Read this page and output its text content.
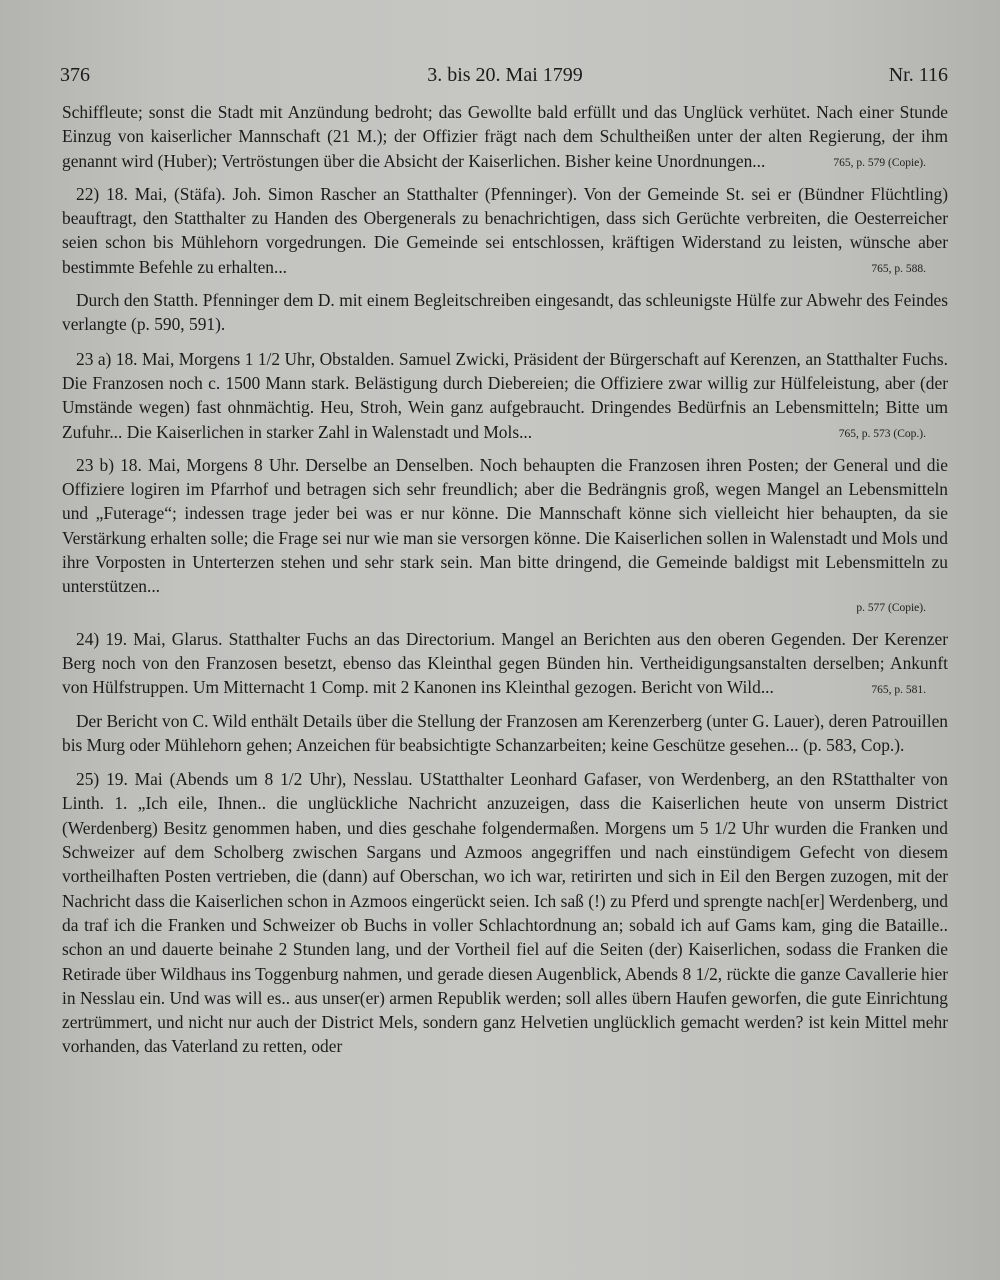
376	3. bis 20. Mai 1799	Nr. 116

Schiffleute; sonst die Stadt mit Anzündung bedroht; das Gewollte bald erfüllt und das Unglück verhütet. Nach einer Stunde Einzug von kaiserlicher Mannschaft (21 M.); der Offizier frägt nach dem Schultheißen unter der alten Regierung, der ihm genannt wird (Huber); Vertröstungen über die Absicht der Kaiserlichen. Bisher keine Unordnungen...	765, p. 579 (Copie).

22) 18. Mai, (Stäfa). Joh. Simon Rascher an Statthalter (Pfenninger). Von der Gemeinde St. sei er (Bündner Flüchtling) beauftragt, den Statthalter zu Handen des Obergenerals zu benachrichtigen, dass sich Gerüchte verbreiten, die Oesterreicher seien schon bis Mühlehorn vorgedrungen. Die Gemeinde sei entschlossen, kräftigen Widerstand zu leisten, wünsche aber bestimmte Befehle zu erhalten...	765, p. 588.

Durch den Statth. Pfenninger dem D. mit einem Begleitschreiben eingesandt, das schleunigste Hülfe zur Abwehr des Feindes verlangte (p. 590, 591).

23 a) 18. Mai, Morgens 1 1/2 Uhr, Obstalden. Samuel Zwicki, Präsident der Bürgerschaft auf Kerenzen, an Statthalter Fuchs. Die Franzosen noch c. 1500 Mann stark. Belästigung durch Diebereien; die Offiziere zwar willig zur Hülfeleistung, aber (der Umstände wegen) fast ohnmächtig. Heu, Stroh, Wein ganz aufgebraucht. Dringendes Bedürfnis an Lebensmitteln; Bitte um Zufuhr... Die Kaiserlichen in starker Zahl in Walenstadt und Mols...	765, p. 573 (Cop.).

23 b) 18. Mai, Morgens 8 Uhr. Derselbe an Denselben. Noch behaupten die Franzosen ihren Posten; der General und die Offiziere logiren im Pfarrhof und betragen sich sehr freundlich; aber die Bedrängnis groß, wegen Mangel an Lebensmitteln und „Futerage“; indessen trage jeder bei was er nur könne. Die Mannschaft könne sich vielleicht hier behaupten, da sie Verstärkung erhalten solle; die Frage sei nur wie man sie versorgen könne. Die Kaiserlichen sollen in Walenstadt und Mols und ihre Vorposten in Unterterzen stehen und sehr stark sein. Man bitte dringend, die Gemeinde baldigst mit Lebensmitteln zu unterstützen...
p. 577 (Copie).

24) 19. Mai, Glarus. Statthalter Fuchs an das Directorium. Mangel an Berichten aus den oberen Gegenden. Der Kerenzer Berg noch von den Franzosen besetzt, ebenso das Kleinthal gegen Bünden hin. Vertheidigungsanstalten derselben; Ankunft von Hülfstruppen. Um Mitternacht 1 Comp. mit 2 Kanonen ins Kleinthal gezogen. Bericht von Wild...	765, p. 581.

Der Bericht von C. Wild enthält Details über die Stellung der Franzosen am Kerenzerberg (unter G. Lauer), deren Patrouillen bis Murg oder Mühlehorn gehen; Anzeichen für beabsichtigte Schanzarbeiten; keine Geschütze gesehen... (p. 583, Cop.).

25) 19. Mai (Abends um 8 1/2 Uhr), Nesslau. UStatthalter Leonhard Gafaser, von Werdenberg, an den RStatthalter von Linth. 1. „Ich eile, Ihnen.. die unglückliche Nachricht anzuzeigen, dass die Kaiserlichen heute von unserm District (Werdenberg) Besitz genommen haben, und dies geschahe folgendermaßen. Morgens um 5 1/2 Uhr wurden die Franken und Schweizer auf dem Scholberg zwischen Sargans und Azmoos angegriffen und nach einstündigem Gefecht von diesem vortheilhaften Posten vertrieben, die (dann) auf Oberschan, wo ich war, retirirten und sich in Eil den Bergen zuzogen, mit der Nachricht dass die Kaiserlichen schon in Azmoos eingerückt seien. Ich saß (!) zu Pferd und sprengte nach[er] Werdenberg, und da traf ich die Franken und Schweizer ob Buchs in voller Schlachtordnung an; sobald ich auf Gams kam, ging die Bataille.. schon an und dauerte beinahe 2 Stunden lang, und der Vortheil fiel auf die Seiten (der) Kaiserlichen, sodass die Franken die Retirade über Wildhaus ins Toggenburg nahmen, und gerade diesen Augenblick, Abends 8 1/2, rückte die ganze Cavallerie hier in Nesslau ein. Und was will es.. aus unser(er) armen Republik werden; soll alles übern Haufen geworfen, die gute Einrichtung zertrümmert, und nicht nur auch der District Mels, sondern ganz Helvetien unglücklich gemacht werden? ist kein Mittel mehr vorhanden, das Vaterland zu retten, oder
